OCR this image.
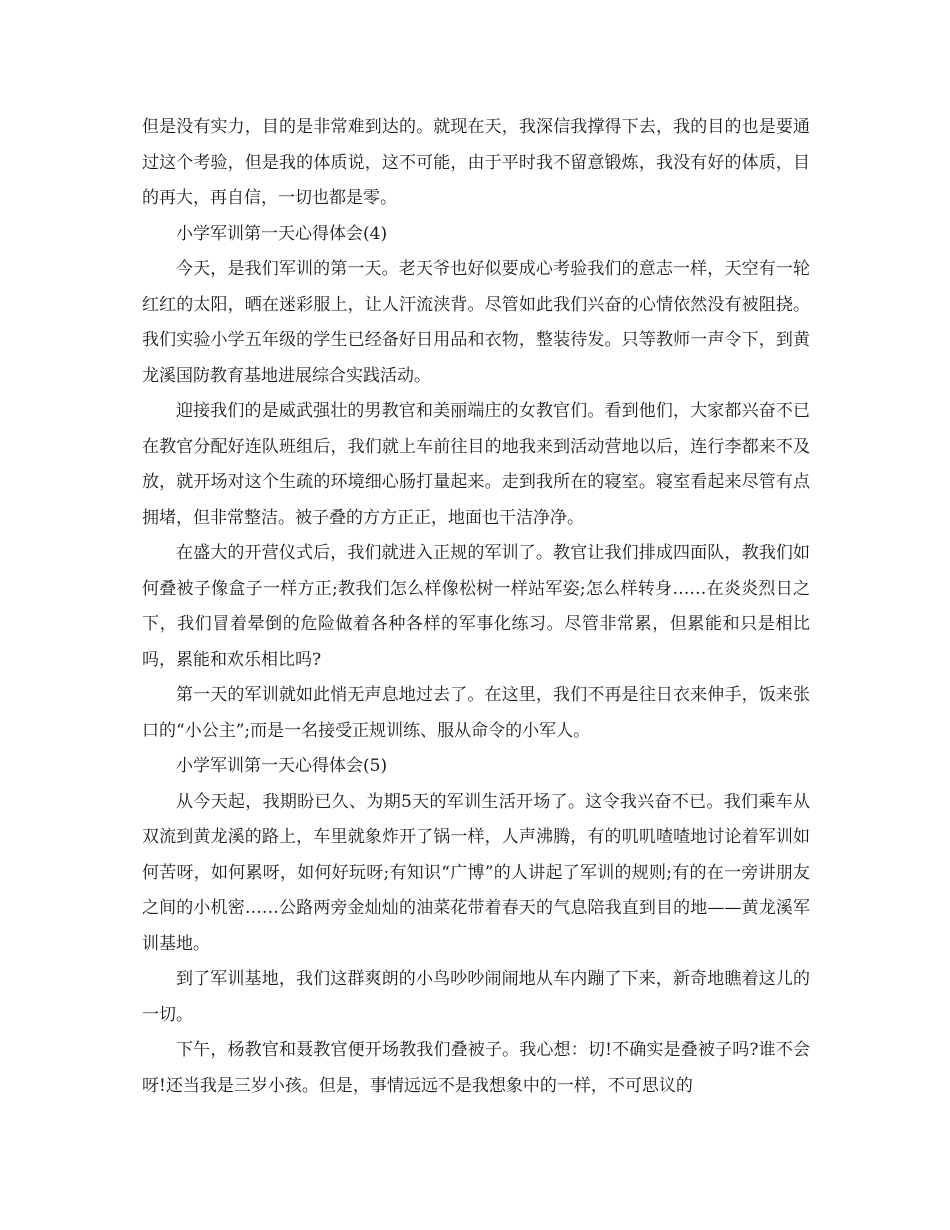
但是没有实力，目的是非常难到达的。就现在天，我深信我撑得下去，我的目的也是要通过这个考验，但是我的体质说，这不可能，由于平时我不留意锻炼，我没有好的体质，目的再大，再自信，一切也都是零。

小学军训第一天心得体会(4)

今天，是我们军训的第一天。老天爷也好似要成心考验我们的意志一样，天空有一轮红红的太阳，晒在迷彩服上，让人汗流浃背。尽管如此我们兴奋的心情依然没有被阻挠。我们实验小学五年级的学生已经备好日用品和衣物，整装待发。只等教师一声令下，到黄龙溪国防教育基地进展综合实践活动。

迎接我们的是威武强壮的男教官和美丽端庄的女教官们。看到他们，大家都兴奋不已在教官分配好连队班组后，我们就上车前往目的地我来到活动营地以后，连行李都来不及放，就开场对这个生疏的环境细心肠打量起来。走到我所在的寝室。寝室看起来尽管有点拥堵，但非常整洁。被子叠的方方正正，地面也干洁净净。

在盛大的开营仪式后，我们就进入正规的军训了。教官让我们排成四面队，教我们如何叠被子像盒子一样方正;教我们怎么样像松树一样站军姿;怎么样转身……在炎炎烈日之下，我们冒着晕倒的危险做着各种各样的军事化练习。尽管非常累，但累能和只是相比吗，累能和欢乐相比吗?

第一天的军训就如此悄无声息地过去了。在这里，我们不再是往日衣来伸手，饭来张口的“小公主”;而是一名接受正规训练、服从命令的小军人。

小学军训第一天心得体会(5)

从今天起，我期盼已久、为期5天的军训生活开场了。这令我兴奋不已。我们乘车从双流到黄龙溪的路上，车里就象炸开了锅一样，人声沸腾，有的叽叽喳喳地讨论着军训如何苦呀，如何累呀，如何好玩呀;有知识“广博”的人讲起了军训的规则;有的在一旁讲朋友之间的小机密……公路两旁金灿灿的油菜花带着春天的气息陪我直到目的地——黄龙溪军训基地。

到了军训基地，我们这群爽朗的小鸟吵吵闹闹地从车内蹦了下来，新奇地瞧着这儿的一切。

下午，杨教官和聂教官便开场教我们叠被子。我心想：切!不确实是叠被子吗?谁不会呀!还当我是三岁小孩。但是，事情远远不是我想象中的一样，不可思议的
